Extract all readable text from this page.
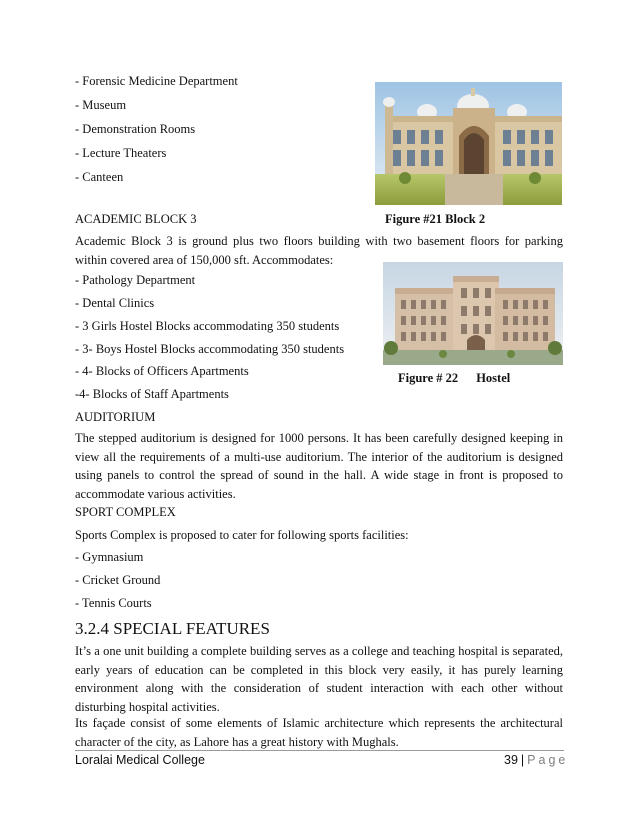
- Forensic Medicine Department
- Museum
- Demonstration Rooms
- Lecture Theaters
- Canteen
Figure #21 Block 2
ACADEMIC BLOCK 3
Academic Block 3 is ground plus two floors building with two basement floors for parking within covered area of 150,000 sft. Accommodates:
- Pathology Department
- Dental Clinics
- 3 Girls Hostel Blocks accommodating 350 students
- 3- Boys Hostel Blocks accommodating 350 students
- 4- Blocks of Officers Apartments
-4- Blocks of Staff Apartments
Figure # 22 Hostel
AUDITORIUM
The stepped auditorium is designed for 1000 persons. It has been carefully designed keeping in view all the requirements of a multi-use auditorium. The interior of the auditorium is designed using panels to control the spread of sound in the hall. A wide stage in front is proposed to accommodate various activities.
SPORT COMPLEX
Sports Complex is proposed to cater for following sports facilities:
- Gymnasium
- Cricket Ground
- Tennis Courts
3.2.4 SPECIAL FEATURES
It’s a one unit building a complete building serves as a college and teaching hospital is separated, early years of education can be completed in this block very easily, it has purely learning environment along with the consideration of student interaction with each other without disturbing hospital activities.
Its façade consist of some elements of Islamic architecture which represents the architectural character of the city, as Lahore has a great history with Mughals.
Loralai Medical College	39 | Page
